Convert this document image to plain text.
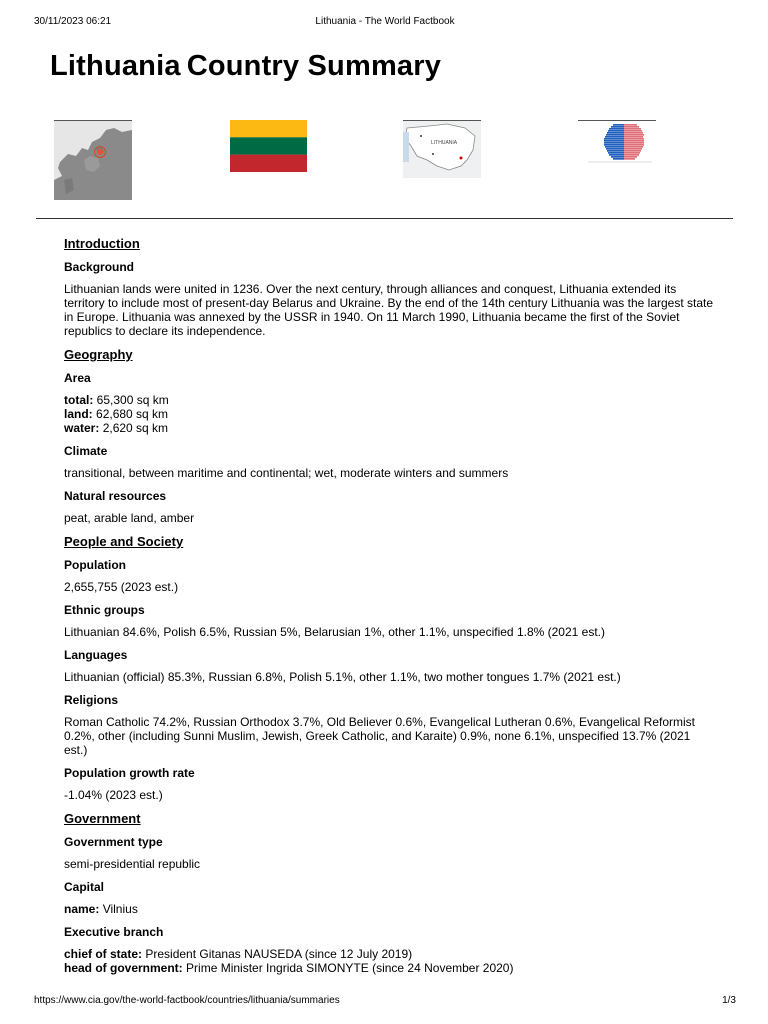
30/11/2023 06:21	Lithuania - The World Factbook
Lithuania Country Summary
LITHUANIA
Introduction
Background

Lithuanian lands were united in 1236. Over the next century, through alliances and conquest, Lithuania extended its territory to include most of present-day Belarus and Ukraine. By the end of the 14th century Lithuania was the largest state in Europe. Lithuania was annexed by the USSR in 1940. On 11 March 1990, Lithuania became the first of the Soviet republics to declare its independence.

Geography
Area

total: 65,300 sq km
land: 62,680 sq km
water: 2,620 sq km

Climate

transitional, between maritime and continental; wet, moderate winters and summers

Natural resources

peat, arable land, amber

People and Society
Population

2,655,755 (2023 est.)

Ethnic groups

Lithuanian 84.6%, Polish 6.5%, Russian 5%, Belarusian 1%, other 1.1%, unspecified 1.8% (2021 est.)

Languages

Lithuanian (official) 85.3%, Russian 6.8%, Polish 5.1%, other 1.1%, two mother tongues 1.7% (2021 est.)

Religions

Roman Catholic 74.2%, Russian Orthodox 3.7%, Old Believer 0.6%, Evangelical Lutheran 0.6%, Evangelical Reformist 0.2%, other (including Sunni Muslim, Jewish, Greek Catholic, and Karaite) 0.9%, none 6.1%, unspecified 13.7% (2021 est.)

Population growth rate

-1.04% (2023 est.)

Government
Government type

semi-presidential republic

Capital

name: Vilnius

Executive branch

chief of state: President Gitanas NAUSEDA (since 12 July 2019)
head of government: Prime Minister Ingrida SIMONYTE (since 24 November 2020)

https://www.cia.gov/the-world-factbook/countries/lithuania/summaries	1/3
